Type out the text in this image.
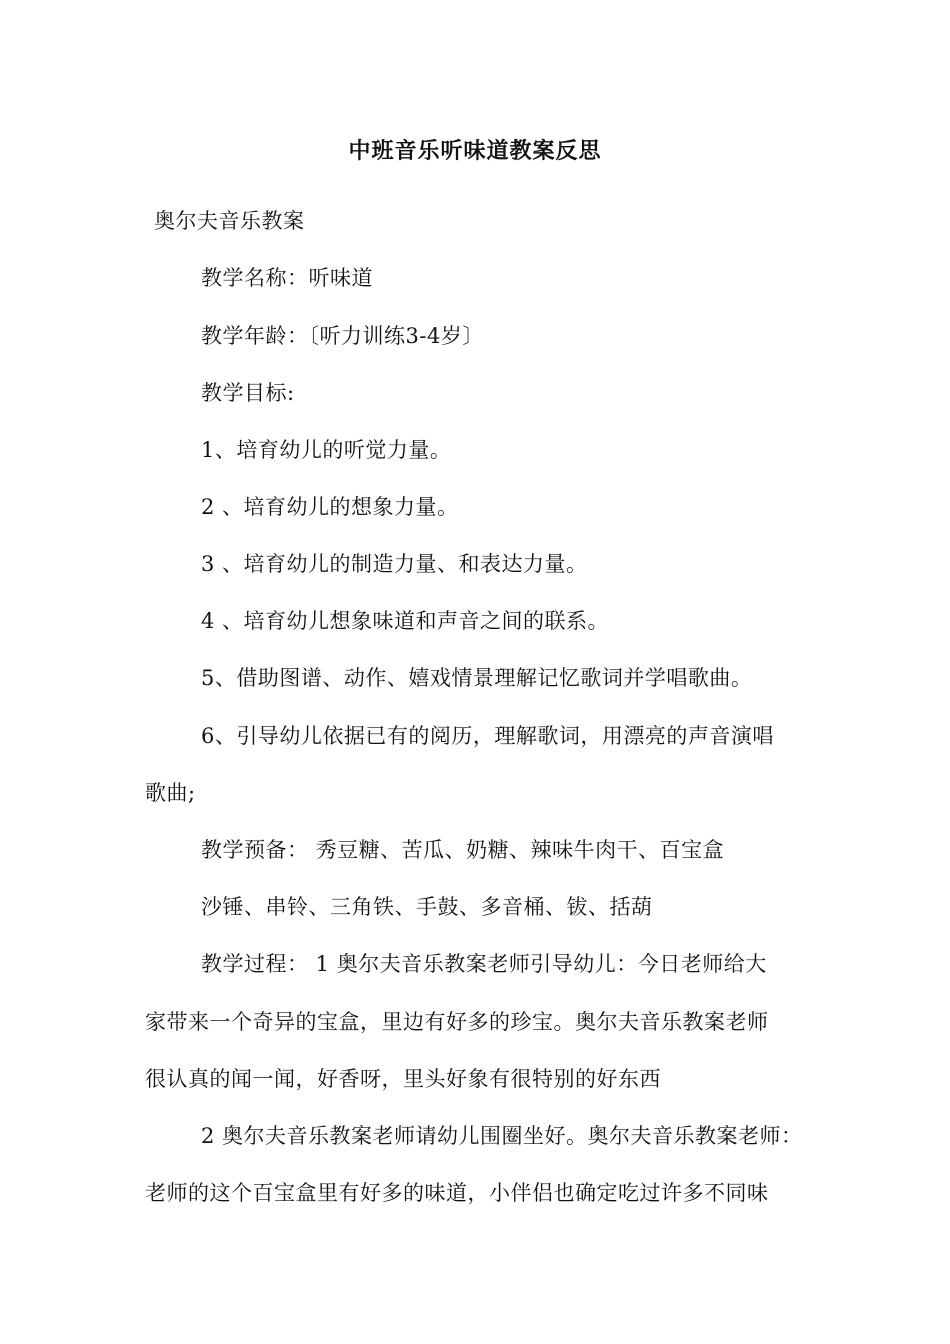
中班音乐听味道教案反思
奥尔夫音乐教案
教学名称：听味道
教学年龄：〔听力训练3-4岁〕
教学目标:
1、培育幼儿的听觉力量。
2 、培育幼儿的想象力量。
3 、培育幼儿的制造力量、和表达力量。
4 、培育幼儿想象味道和声音之间的联系。
5、借助图谱、动作、嬉戏情景理解记忆歌词并学唱歌曲。
6、引导幼儿依据已有的阅历，理解歌词，用漂亮的声音演唱
歌曲;
教学预备： 秀豆糖、苦瓜、奶糖、辣味牛肉干、百宝盒
沙锤、串铃、三角铁、手鼓、多音桶、钹、括葫
教学过程： 1 奥尔夫音乐教案老师引导幼儿：今日老师给大
家带来一个奇异的宝盒，里边有好多的珍宝。奥尔夫音乐教案老师
很认真的闻一闻，好香呀，里头好象有很特别的好东西
2 奥尔夫音乐教案老师请幼儿围圈坐好。奥尔夫音乐教案老师：
老师的这个百宝盒里有好多的味道，小伴侣也确定吃过许多不同味
